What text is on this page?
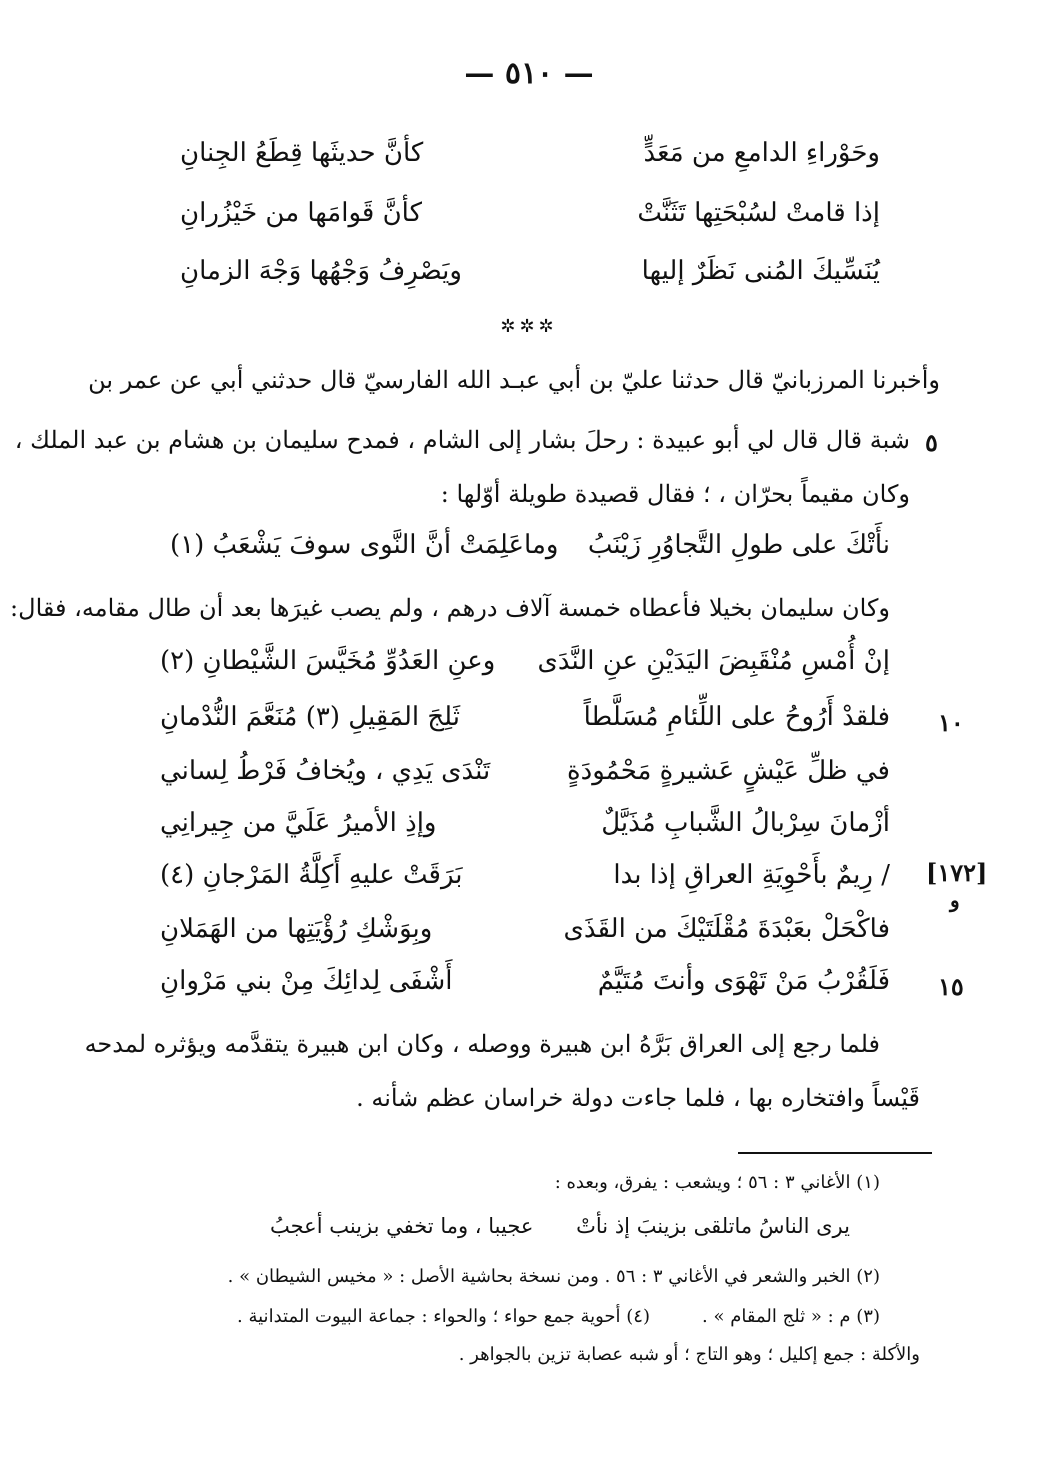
— ٥١٠ —
وحَوْراءِ الدامعِ من مَعَدٍّ
كأنَّ حديثَها قِطَعُ الجِنانِ
إذا قامتْ لسُبْحَتِها تَثَنَّتْ
كأنَّ قَوامَها من خَيْزُرانِ
يُنَسِّيكَ المُنى نَظَرٌ إليها
ويَصْرِفُ وَجْهُها وَجْهَ الزمانِ
✲✲✲
وأخبرنا المرزبانيّ قال حدثنا عليّ بن أبي عبـد الله الفارسيّ قال حدثني أبي عن عمر بن
شبة قال قال لي أبو عبيدة : رحلَ بشار إلى الشام ، فمدح سليمان بن هشام بن عبد الملك ، ٥
وكان مقيماً بحرّان ، ؛ فقال قصيدة طويلة أوّلها :
نأَتْكَ على طولِ التَّجاوُرِ زَيْنَبُ
وماعَلِمَتْ أنَّ النَّوى سوفَ يَشْعَبُ (١)
وكان سليمان بخيلا فأعطاه خمسة آلاف درهم ، ولم يصب غيرَها بعد أن طال مقامه، فقال:
إنْ أُمْسِ مُنْقَبِضَ اليَدَيْنِ عنِ النَّدَى
وعنِ العَدُوِّ مُخَيَّسَ الشَّيْطانِ (٢)
١٠
فلقدْ أَرُوحُ على اللِّئامِ مُسَلَّطاً
ثَلِجَ المَقِيلِ (٣) مُنَعَّمَ النُّدْمانِ
في ظلِّ عَيْشٍ عَشيرةٍ مَحْمُودَةٍ
تَنْدَى يَدِي ، ويُخافُ فَرْطُ لِساني
أزْمانَ سِرْبالُ الشَّبابِ مُذَيَّلٌ
وإذِ الأميرُ عَلَيَّ من جِيرانِي
[١٧٢]
و
/ رِيمٌ بأَحْوِيَةِ العراقِ إذا بدا
بَرَقَتْ عليهِ أَكِلَّةُ المَرْجانِ (٤)
فاكْحَلْ بعَبْدَةَ مُقْلَتَيْكَ من القَذَى
وبِوَشْكِ رُؤْيَتِها من الهَمَلانِ
١٥
فَلَقُرْبُ مَنْ تَهْوَى وأنتَ مُتَيَّمٌ
أَشْفَى لِدائِكَ مِنْ بني مَرْوانِ
فلما رجع إلى العراق بَرَّهُ ابن هبيرة ووصله ، وكان ابن هبيرة يتقدَّمه ويؤثره لمدحه
قَيْساً وافتخاره بها ، فلما جاءت دولة خراسان عظم شأنه .
(١) الأغاني ٣ : ٥٦ ؛ ويشعب : يفرق، وبعده :
يرى الناسُ ماتلقى بزينبَ إذ نأتْ
عجيبا ، وما تخفي بزينب أعجبُ
(٢) الخبر والشعر في الأغاني ٣ : ٥٦ . ومن نسخة بحاشية الأصل : « مخيس الشيطان » .
(٣) م : « ثلج المقام » .
(٤) أحوية جمع حواء ؛ والحواء : جماعة البيوت المتدانية .
والأكلة : جمع إكليل ؛ وهو التاج ؛ أو شبه عصابة تزين بالجواهر .
